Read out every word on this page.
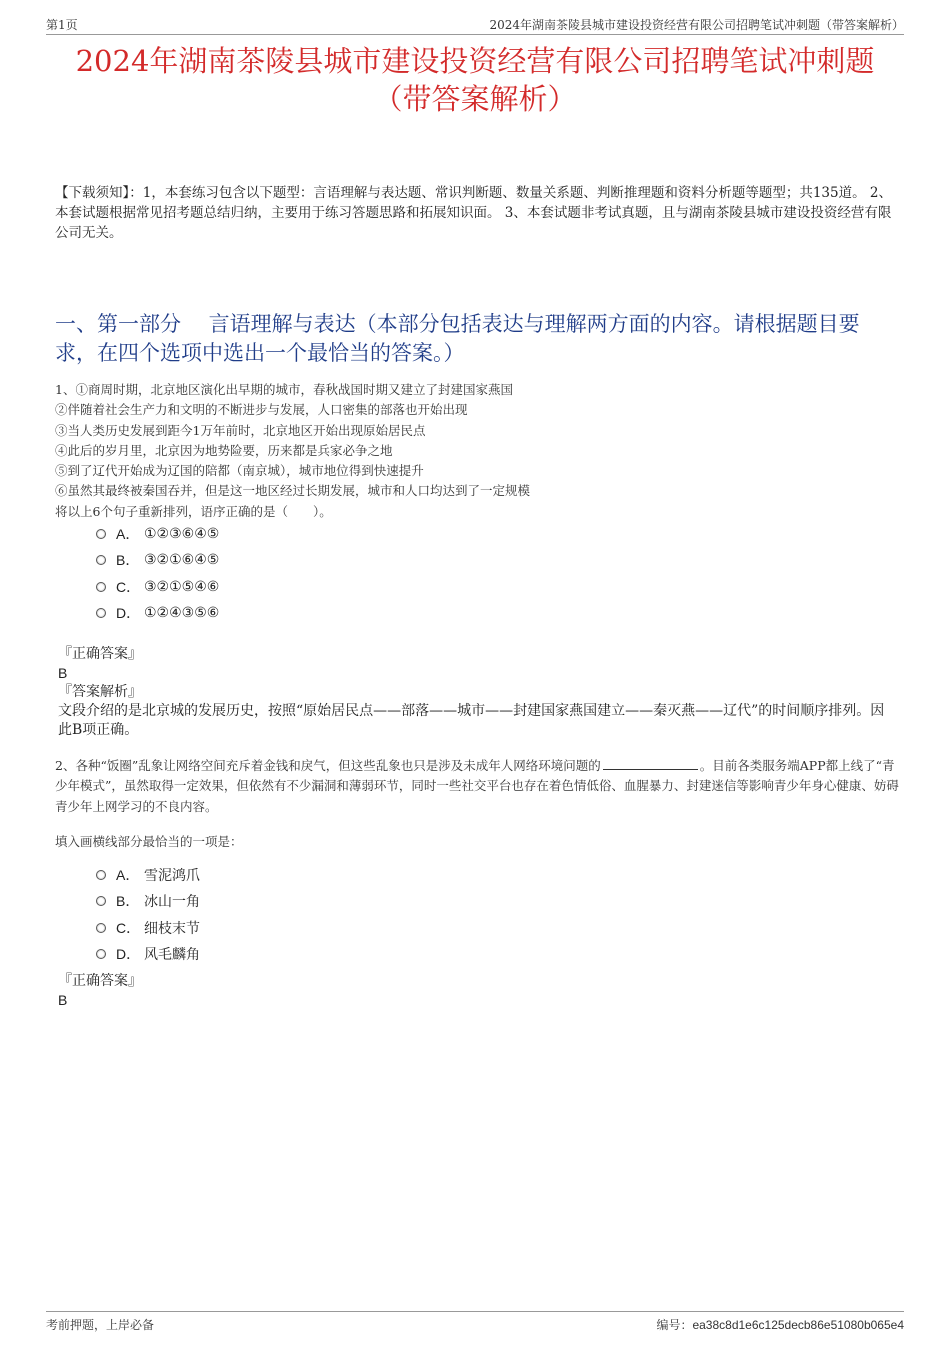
第1页	2024年湖南茶陵县城市建设投资经营有限公司招聘笔试冲刺题（带答案解析）
2024年湖南茶陵县城市建设投资经营有限公司招聘笔试冲刺题
（带答案解析）
【下载须知】：1，本套练习包含以下题型：言语理解与表达题、常识判断题、数量关系题、判断推理题和资料分析题等题型；共135道。 2、本套试题根据常见招考题总结归纳，主要用于练习答题思路和拓展知识面。 3、本套试题非考试真题，且与湖南茶陵县城市建设投资经营有限公司无关。
一、第一部分　 言语理解与表达（本部分包括表达与理解两方面的内容。请根据题目要求，在四个选项中选出一个最恰当的答案。）
1、①商周时期，北京地区演化出早期的城市，春秋战国时期又建立了封建国家燕国
②伴随着社会生产力和文明的不断进步与发展，人口密集的部落也开始出现
③当人类历史发展到距今1万年前时，北京地区开始出现原始居民点
④此后的岁月里，北京因为地势险要，历来都是兵家必争之地
⑤到了辽代开始成为辽国的陪都（南京城），城市地位得到快速提升
⑥虽然其最终被秦国吞并，但是这一地区经过长期发展，城市和人口均达到了一定规模
将以上6个句子重新排列，语序正确的是（　　）。
A． ①②③⑥④⑤
B． ③②①⑥④⑤
C． ③②①⑤④⑥
D． ①②④③⑤⑥
『正确答案』
B
『答案解析』
文段介绍的是北京城的发展历史，按照“原始居民点——部落——城市——封建国家燕国建立——秦灭燕——辽代”的时间顺序排列。因此B项正确。
2、各种“饭圈”乱象让网络空间充斥着金钱和戾气，但这些乱象也只是涉及未成年人网络环境问题的	。目前各类服务端APP都上线了“青少年模式”，虽然取得一定效果，但依然有不少漏洞和薄弱环节，同时一些社交平台也存在着色情低俗、血腥暴力、封建迷信等影响青少年身心健康、妨碍青少年上网学习的不良内容。
填入画横线部分最恰当的一项是：
A． 雪泥鸿爪
B． 冰山一角
C． 细枝末节
D． 风毛麟角
『正确答案』
B
考前押题，上岸必备	编号：ea38c8d1e6c125decb86e51080b065e4
